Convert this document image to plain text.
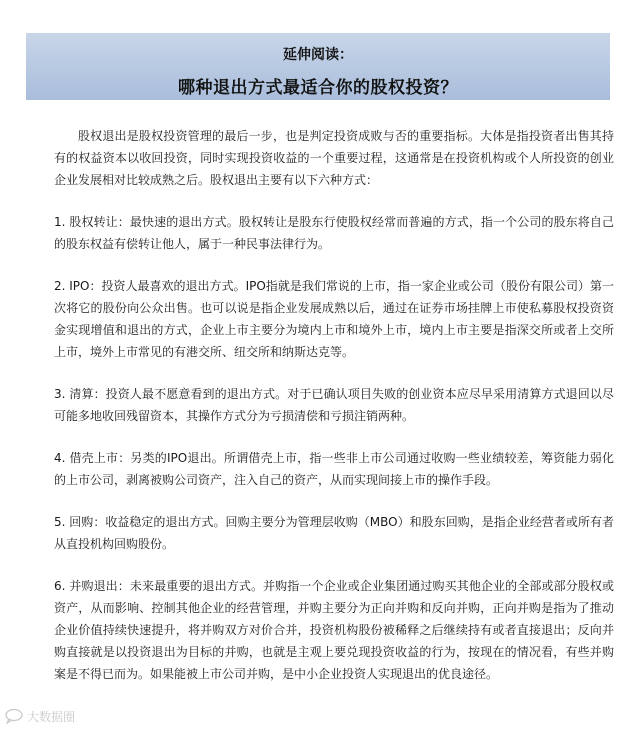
延伸阅读：
哪种退出方式最适合你的股权投资？

股权退出是股权投资管理的最后一步，也是判定投资成败与否的重要指标。大体是指投资者出售其持有的权益资本以收回投资，同时实现投资收益的一个重要过程，这通常是在投资机构或个人所投资的创业企业发展相对比较成熟之后。股权退出主要有以下六种方式：

1. 股权转让：最快速的退出方式。股权转让是股东行使股权经常而普遍的方式，指一个公司的股东将自己的股东权益有偿转让他人，属于一种民事法律行为。

2. IPO：投资人最喜欢的退出方式。IPO指就是我们常说的上市，指一家企业或公司（股份有限公司）第一次将它的股份向公众出售。也可以说是指企业发展成熟以后，通过在证券市场挂牌上市使私募股权投资资金实现增值和退出的方式，企业上市主要分为境内上市和境外上市，境内上市主要是指深交所或者上交所上市，境外上市常见的有港交所、纽交所和纳斯达克等。

3. 清算：投资人最不愿意看到的退出方式。对于已确认项目失败的创业资本应尽早采用清算方式退回以尽可能多地收回残留资本，其操作方式分为亏损清偿和亏损注销两种。

4. 借壳上市：另类的IPO退出。所谓借壳上市，指一些非上市公司通过收购一些业绩较差，筹资能力弱化的上市公司，剥离被购公司资产，注入自己的资产，从而实现间接上市的操作手段。

5. 回购：收益稳定的退出方式。回购主要分为管理层收购（MBO）和股东回购，是指企业经营者或所有者从直投机构回购股份。

6. 并购退出：未来最重要的退出方式。并购指一个企业或企业集团通过购买其他企业的全部或部分股权或资产，从而影响、控制其他企业的经营管理，并购主要分为正向并购和反向并购，正向并购是指为了推动企业价值持续快速提升，将并购双方对价合并，投资机构股份被稀释之后继续持有或者直接退出；反向并购直接就是以投资退出为目标的并购，也就是主观上要兑现投资收益的行为，按现在的情况看，有些并购案是不得已而为。如果能被上市公司并购，是中小企业投资人实现退出的优良途径。

大数据圈
